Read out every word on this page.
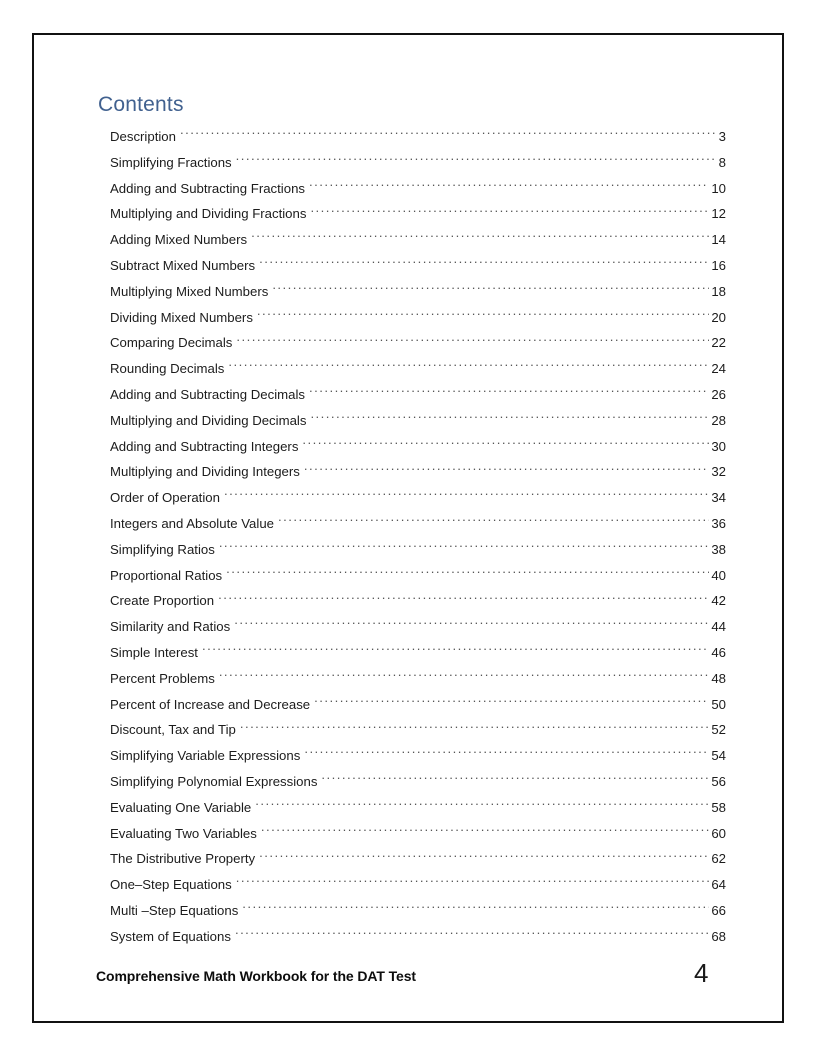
Contents
Description .....	3
Simplifying Fractions .....	8
Adding and Subtracting Fractions .....	10
Multiplying and Dividing Fractions .....	12
Adding Mixed Numbers .....	14
Subtract Mixed Numbers .....	16
Multiplying Mixed Numbers .....	18
Dividing Mixed Numbers .....	20
Comparing Decimals .....	22
Rounding Decimals .....	24
Adding and Subtracting Decimals .....	26
Multiplying and Dividing Decimals .....	28
Adding and Subtracting Integers .....	30
Multiplying and Dividing Integers .....	32
Order of Operation .....	34
Integers and Absolute Value .....	36
Simplifying Ratios .....	38
Proportional Ratios .....	40
Create Proportion .....	42
Similarity and Ratios .....	44
Simple Interest .....	46
Percent Problems .....	48
Percent of Increase and Decrease .....	50
Discount, Tax and Tip .....	52
Simplifying Variable Expressions .....	54
Simplifying Polynomial Expressions .....	56
Evaluating One Variable .....	58
Evaluating Two Variables .....	60
The Distributive Property .....	62
One–Step Equations .....	64
Multi –Step Equations .....	66
System of Equations .....	68
Comprehensive Math Workbook for the DAT Test	4
